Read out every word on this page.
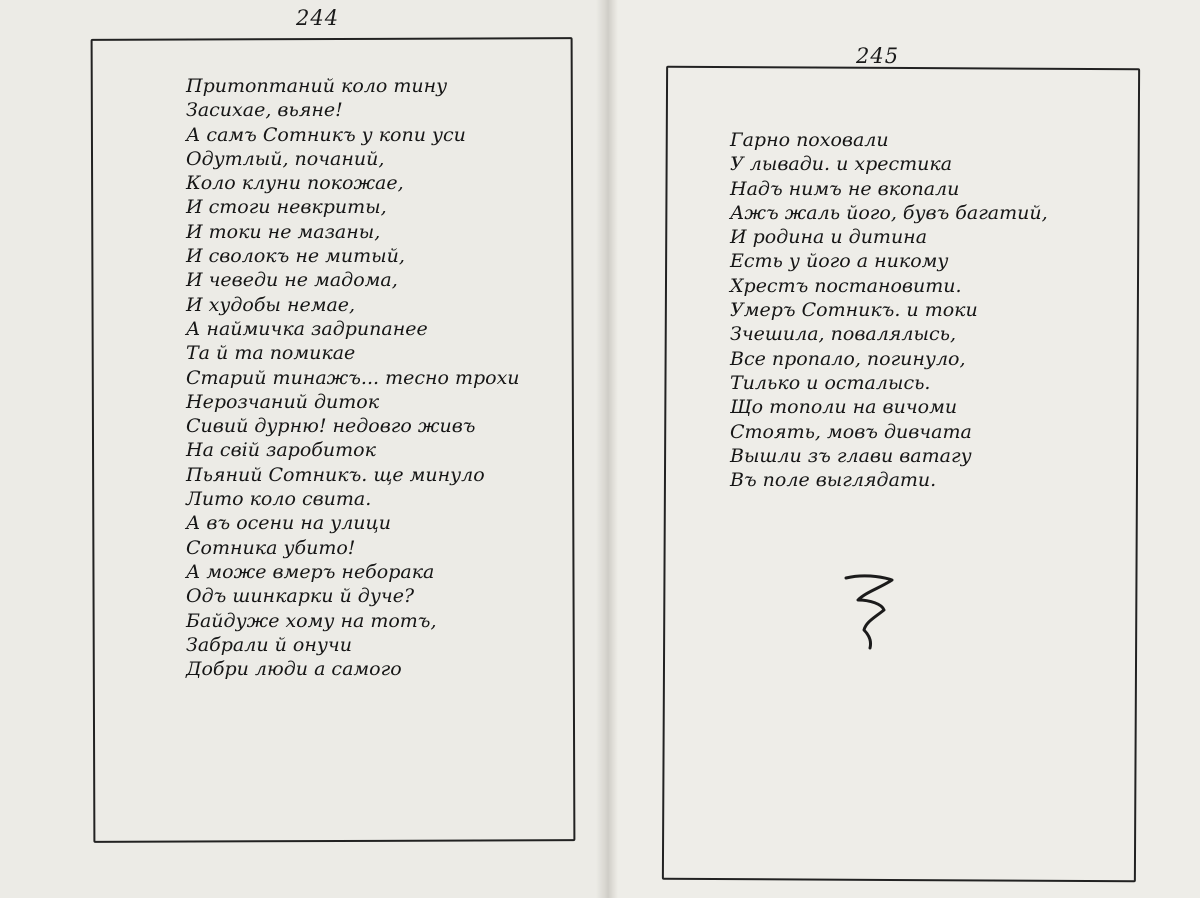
244
245
Притоптаний коло тину
Засихае, вьяне!
А самъ Сотникъ у копи уси
Одутлый, почаний,
Коло клуни покожае,
И стоги невкриты,
И токи не мазаны,
И сволокъ не митый,
И чеведи не мадома,
И худобы немае,
А наймичка задрипанее
Та й та помикае
Старий тинажъ... тесно трохи
Нерозчаний диток
Сивий дурню! недовго живъ
На свій заробиток
Пьяний Сотникъ. ще минуло
Лито коло свита.
А въ осени на улици
Сотника убито!
А може вмеръ неборака
Одъ шинкарки й дуче?
Байдуже хому на тотъ,
Забрали й онучи
Добри люди а самого
Гарно поховали
У лывади. и хрестика
Надъ нимъ не вкопали
Ажъ жаль його, бувъ багатий,
И родина и дитина
Есть у його а никому
Хрестъ постановити.
Умеръ Сотникъ. и токи
Зчешила, повалялысь,
Все пропало, погинуло,
Тилько и осталысь.
Що тополи на вичоми
Стоять, мовъ дивчата
Вышли зъ глави ватагу
Въ поле выглядати.
